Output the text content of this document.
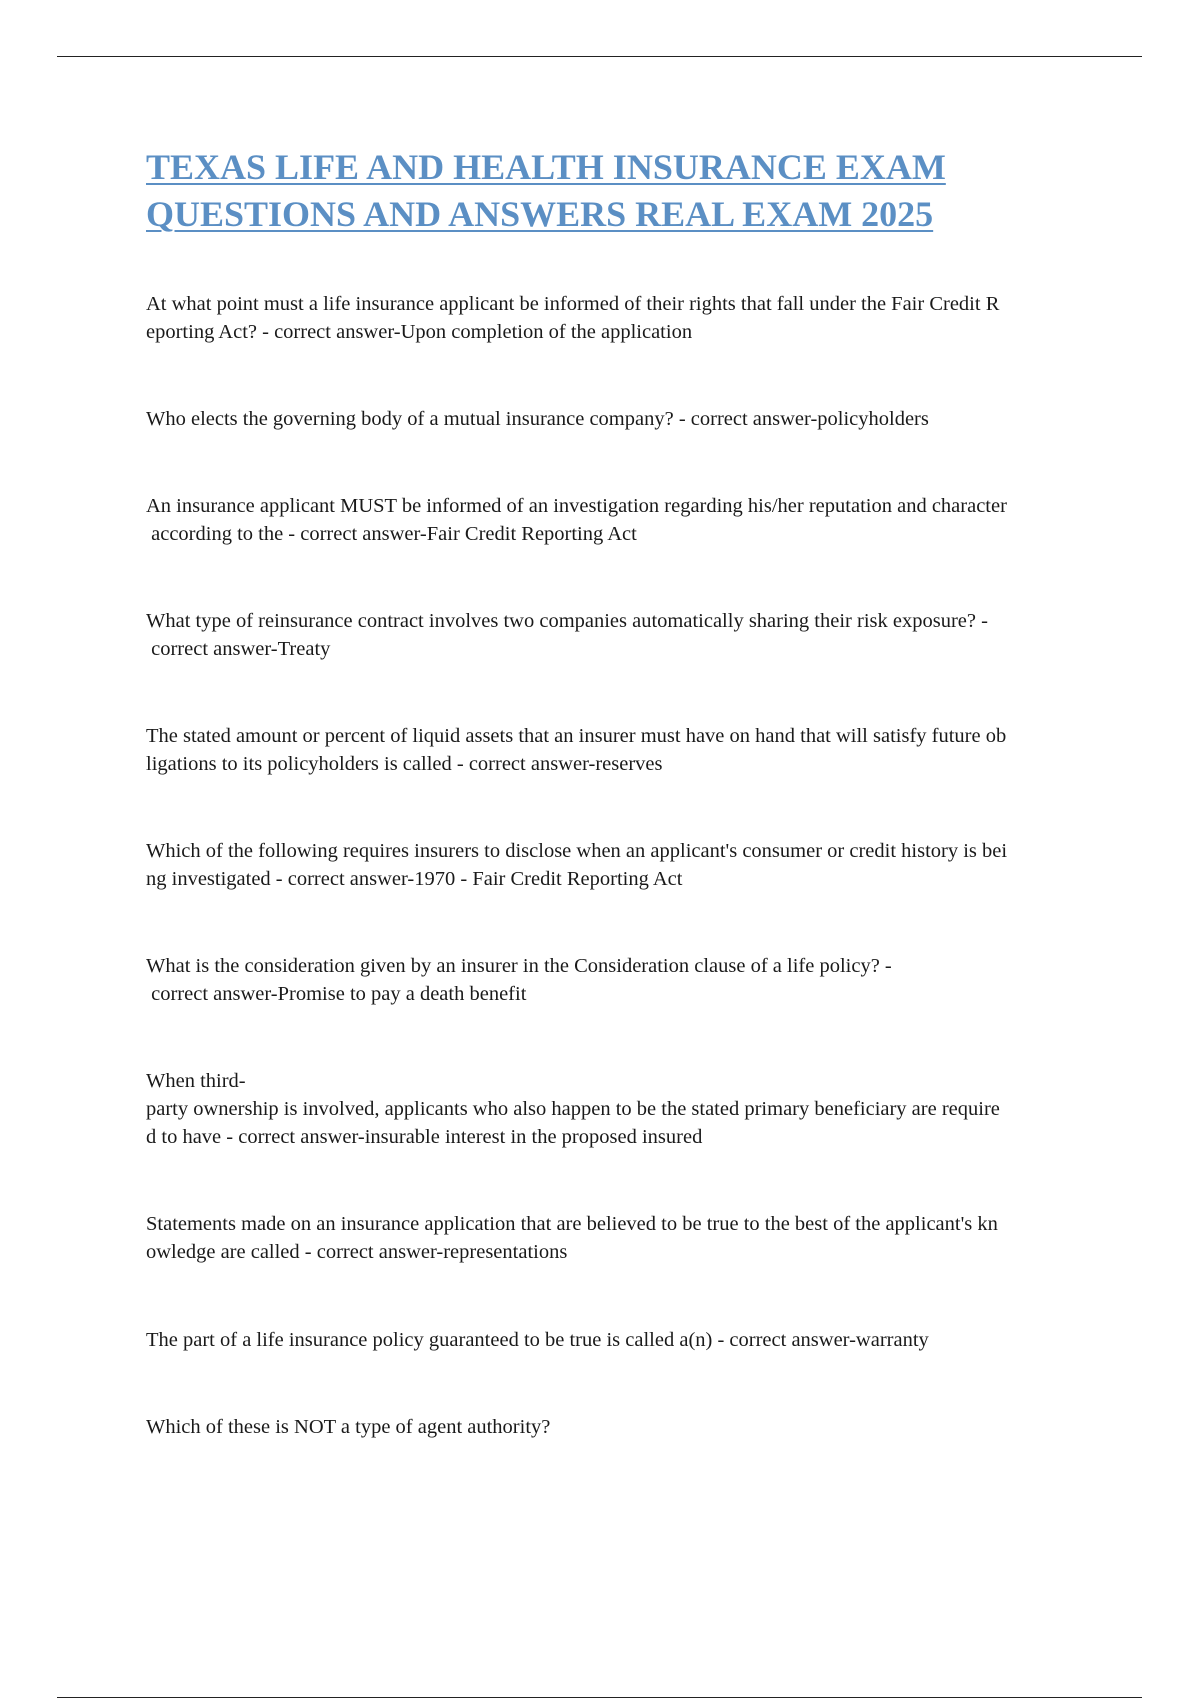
TEXAS LIFE AND HEALTH INSURANCE EXAM
QUESTIONS AND ANSWERS REAL EXAM 2025

At what point must a life insurance applicant be informed of their rights that fall under the Fair Credit R
eporting Act? - correct answer-Upon completion of the application

Who elects the governing body of a mutual insurance company? - correct answer-policyholders

An insurance applicant MUST be informed of an investigation regarding his/her reputation and character
according to the - correct answer-Fair Credit Reporting Act

What type of reinsurance contract involves two companies automatically sharing their risk exposure? -
correct answer-Treaty

The stated amount or percent of liquid assets that an insurer must have on hand that will satisfy future ob
ligations to its policyholders is called - correct answer-reserves

Which of the following requires insurers to disclose when an applicant's consumer or credit history is bei
ng investigated - correct answer-1970 - Fair Credit Reporting Act

What is the consideration given by an insurer in the Consideration clause of a life policy? -
correct answer-Promise to pay a death benefit

When third-
party ownership is involved, applicants who also happen to be the stated primary beneficiary are require
d to have - correct answer-insurable interest in the proposed insured

Statements made on an insurance application that are believed to be true to the best of the applicant's kn
owledge are called - correct answer-representations

The part of a life insurance policy guaranteed to be true is called a(n) - correct answer-warranty

Which of these is NOT a type of agent authority?
